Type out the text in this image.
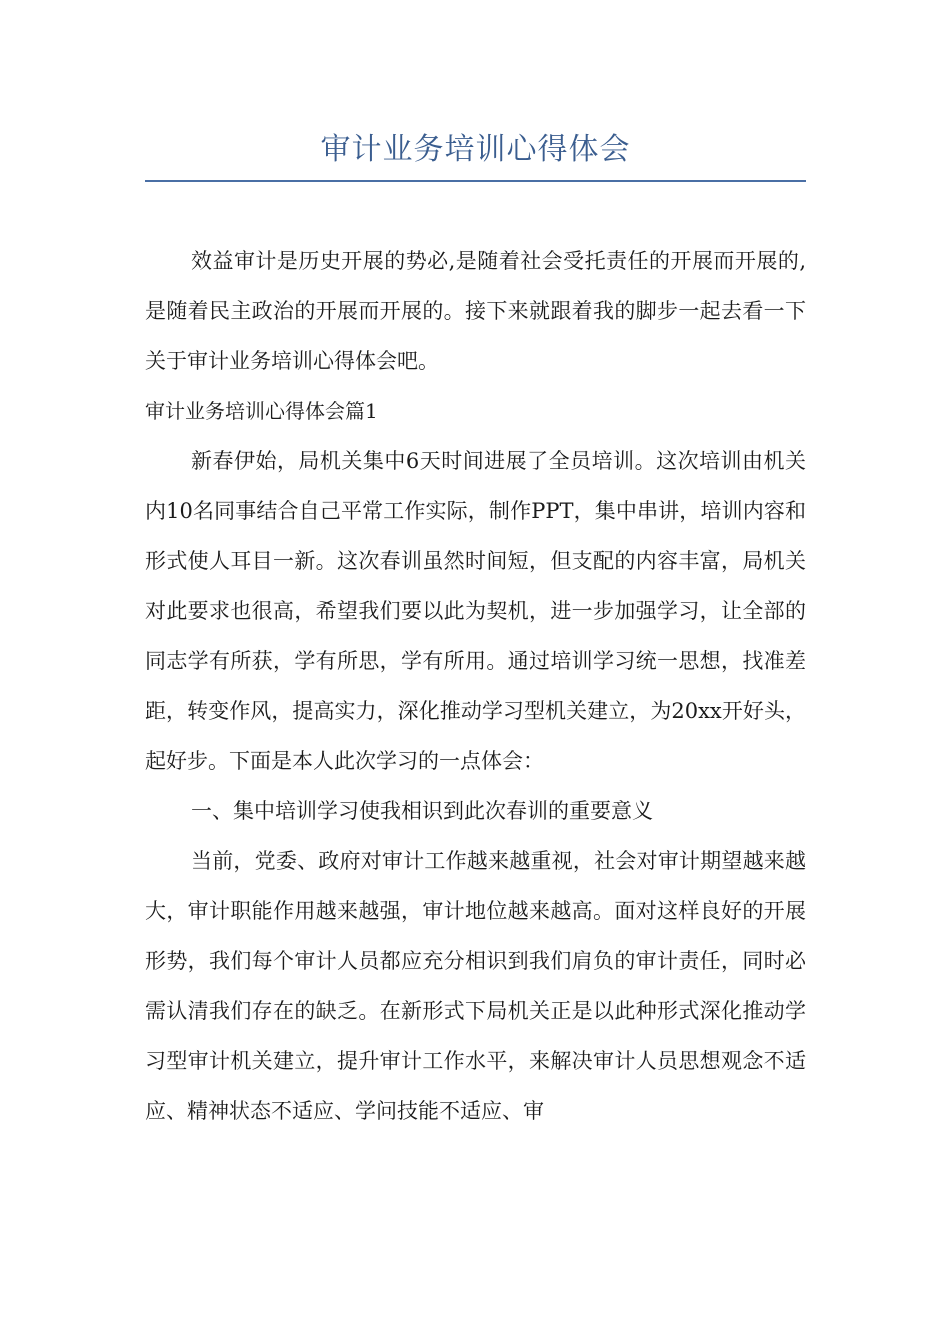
审计业务培训心得体会

效益审计是历史开展的势必,是随着社会受托责任的开展而开展的,是随着民主政治的开展而开展的。接下来就跟着我的脚步一起去看一下关于审计业务培训心得体会吧。

审计业务培训心得体会篇1

新春伊始，局机关集中6天时间进展了全员培训。这次培训由机关内10名同事结合自己平常工作实际，制作PPT，集中串讲，培训内容和形式使人耳目一新。这次春训虽然时间短，但支配的内容丰富，局机关对此要求也很高，希望我们要以此为契机，进一步加强学习，让全部的同志学有所获，学有所思，学有所用。通过培训学习统一思想，找准差距，转变作风，提高实力，深化推动学习型机关建立，为20xx开好头，起好步。下面是本人此次学习的一点体会：

一、集中培训学习使我相识到此次春训的重要意义

当前，党委、政府对审计工作越来越重视，社会对审计期望越来越大，审计职能作用越来越强，审计地位越来越高。面对这样良好的开展形势，我们每个审计人员都应充分相识到我们肩负的审计责任，同时必需认清我们存在的缺乏。在新形式下局机关正是以此种形式深化推动学习型审计机关建立，提升审计工作水平，来解决审计人员思想观念不适应、精神状态不适应、学问技能不适应、审
